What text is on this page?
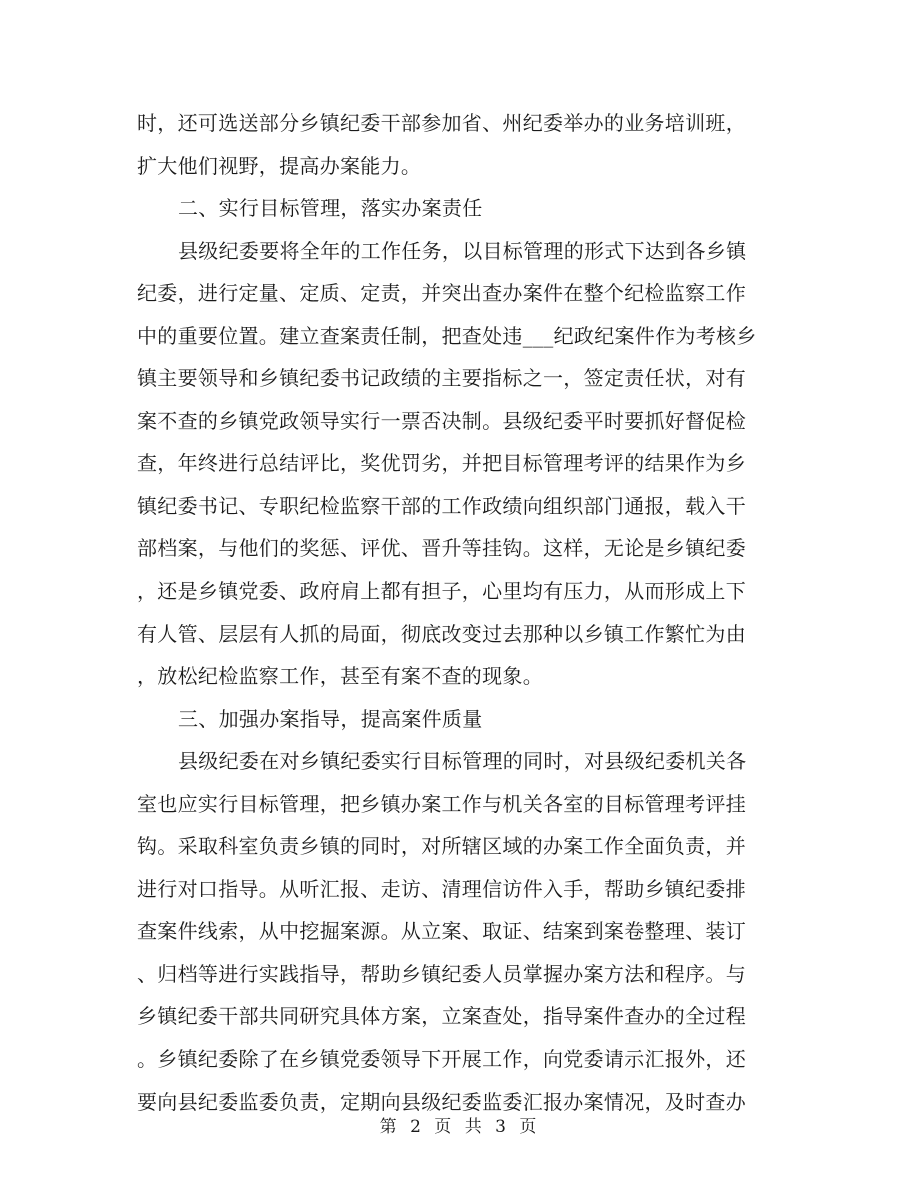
时，还可选送部分乡镇纪委干部参加省、州纪委举办的业务培训班，
扩大他们视野，提高办案能力。
二、实行目标管理，落实办案责任
县级纪委要将全年的工作任务，以目标管理的形式下达到各乡镇
纪委，进行定量、定质、定责，并突出查办案件在整个纪检监察工作
中的重要位置。建立查案责任制，把查处违___纪政纪案件作为考核乡
镇主要领导和乡镇纪委书记政绩的主要指标之一，签定责任状，对有
案不查的乡镇党政领导实行一票否决制。县级纪委平时要抓好督促检
查，年终进行总结评比，奖优罚劣，并把目标管理考评的结果作为乡
镇纪委书记、专职纪检监察干部的工作政绩向组织部门通报，载入干
部档案，与他们的奖惩、评优、晋升等挂钩。这样，无论是乡镇纪委
，还是乡镇党委、政府肩上都有担子，心里均有压力，从而形成上下
有人管、层层有人抓的局面，彻底改变过去那种以乡镇工作繁忙为由
，放松纪检监察工作，甚至有案不查的现象。
三、加强办案指导，提高案件质量
县级纪委在对乡镇纪委实行目标管理的同时，对县级纪委机关各
室也应实行目标管理，把乡镇办案工作与机关各室的目标管理考评挂
钩。采取科室负责乡镇的同时，对所辖区域的办案工作全面负责，并
进行对口指导。从听汇报、走访、清理信访件入手，帮助乡镇纪委排
查案件线索，从中挖掘案源。从立案、取证、结案到案卷整理、装订
、归档等进行实践指导，帮助乡镇纪委人员掌握办案方法和程序。与
乡镇纪委干部共同研究具体方案，立案查处，指导案件查办的全过程
。乡镇纪委除了在乡镇党委领导下开展工作，向党委请示汇报外，还
要向县纪委监委负责，定期向县级纪委监委汇报办案情况，及时查办
第 2 页 共 3 页
